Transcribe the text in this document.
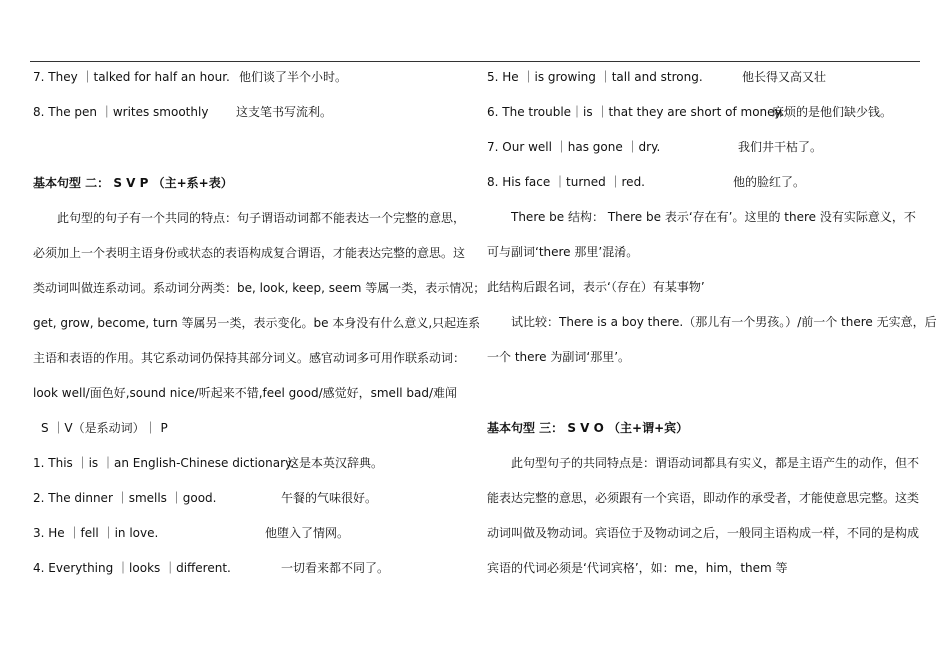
7. They ｜talked for half an hour. 他们谈了半个小时。
8. The pen ｜writes smoothly 这支笔书写流利。
基本句型 二： S V P （主+系+表）
此句型的句子有一个共同的特点：句子谓语动词都不能表达一个完整的意思，
必须加上一个表明主语身份或状态的表语构成复合谓语，才能表达完整的意思。这
类动词叫做连系动词。系动词分两类：be, look, keep, seem 等属一类，表示情况；
get, grow, become, turn 等属另一类，表示变化。be 本身没有什么意义,只起连系
主语和表语的作用。其它系动词仍保持其部分词义。感官动词多可用作联系动词：
look well/面色好,sound nice/听起来不错,feel good/感觉好，smell bad/难闻
S ｜V（是系动词）｜ P
1. This ｜is ｜an English-Chinese dictionary.
这是本英汉辞典。
2. The dinner ｜smells ｜good.	午餐的气味很好。
3. He ｜fell ｜in love.	他堕入了情网。
4. Everything ｜looks ｜different.	一切看来都不同了。
5. He ｜is growing ｜tall and strong.	他长得又高又壮
6. The trouble｜is ｜that they are short of money.
麻烦的是他们缺少钱。
7. Our well ｜has gone ｜dry.	我们井干枯了。
8. His face ｜turned ｜red.	他的脸红了。
There be 结构： There be 表示‘存在有’。这里的 there 没有实际意义，不
可与副词‘there 那里’混淆。
此结构后跟名词，表示‘（存在）有某事物’
试比较：There is a boy there.（那儿有一个男孩。）/前一个 there 无实意，后
一个 there 为副词‘那里’。
基本句型 三： S V O （主+谓+宾）
此句型句子的共同特点是：谓语动词都具有实义，都是主语产生的动作，但不
能表达完整的意思，必须跟有一个宾语，即动作的承受者，才能使意思完整。这类
动词叫做及物动词。宾语位于及物动词之后，一般同主语构成一样，不同的是构成
宾语的代词必须是‘代词宾格’，如：me，him，them 等
